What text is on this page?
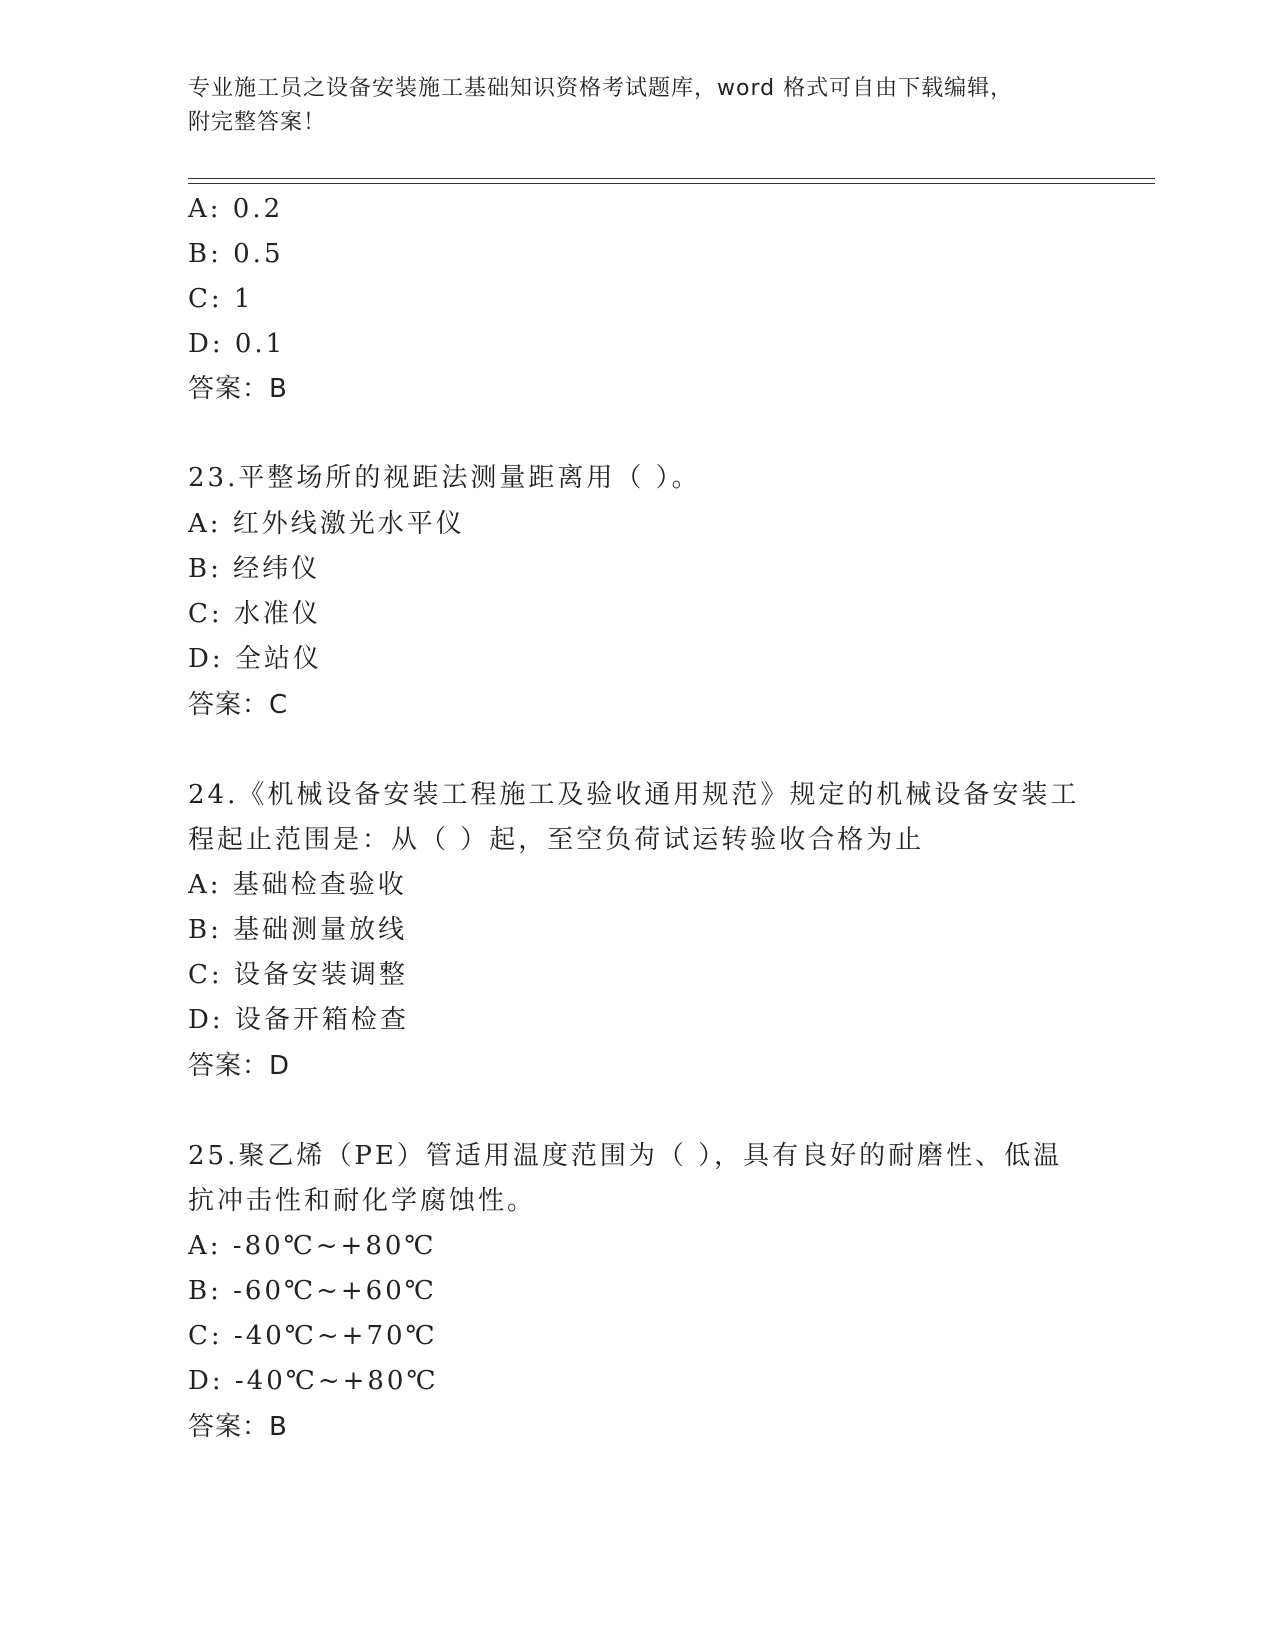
专业施工员之设备安装施工基础知识资格考试题库，word 格式可自由下载编辑，
附完整答案！
A: 0.2
B: 0.5
C: 1
D: 0.1
答案：B
23.平整场所的视距法测量距离用（ ）。
A: 红外线激光水平仪
B: 经纬仪
C: 水准仪
D: 全站仪
答案：C
24.《机械设备安装工程施工及验收通用规范》规定的机械设备安装工
程起止范围是：从（ ）起，至空负荷试运转验收合格为止
A: 基础检查验收
B: 基础测量放线
C: 设备安装调整
D: 设备开箱检查
答案：D
25.聚乙烯（PE）管适用温度范围为（ ），具有良好的耐磨性、低温
抗冲击性和耐化学腐蚀性。
A: -80℃~+80℃
B: -60℃~+60℃
C: -40℃~+70℃
D: -40℃~+80℃
答案：B
